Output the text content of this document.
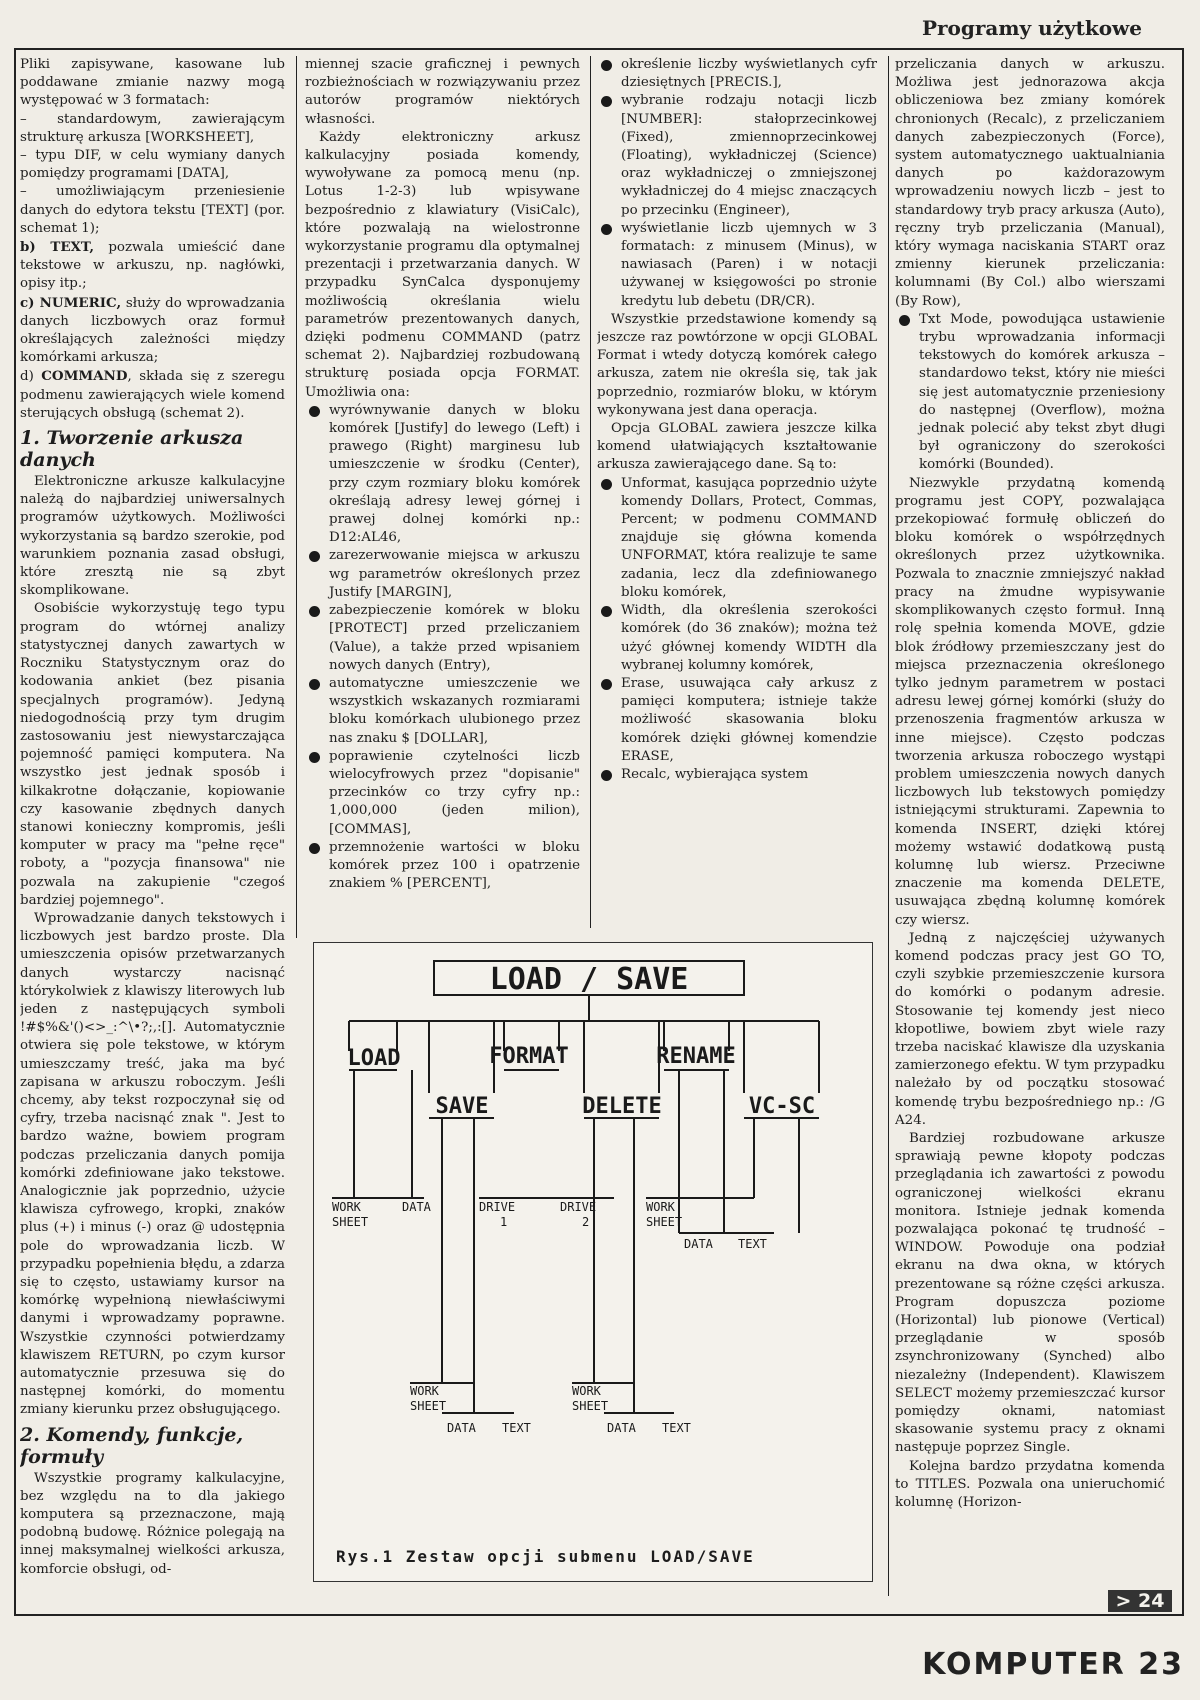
Programy użytkowe

Pliki zapisywane, kasowane lub poddawane zmianie nazwy mogą występować w 3 formatach:

– standardowym, zawierającym strukturę arkusza [WORKSHEET],

– typu DIF, w celu wymiany danych pomiędzy programami [DATA],

– umożliwiającym przeniesienie danych do edytora tekstu [TEXT] (por. schemat 1);

b) TEXT, pozwala umieścić dane tekstowe w arkuszu, np. nagłówki, opisy itp.;

c) NUMERIC, służy do wprowadzania danych liczbowych oraz formuł określających zależności między komórkami arkusza;

d) COMMAND, składa się z szeregu podmenu zawierających wiele komend sterujących obsługą (schemat 2).

1. Tworzenie arkusza danych

Elektroniczne arkusze kalkulacyjne należą do najbardziej uniwersalnych programów użytkowych. Możliwości wykorzystania są bardzo szerokie, pod warunkiem poznania zasad obsługi, które zresztą nie są zbyt skomplikowane.

Osobiście wykorzystuję tego typu program do wtórnej analizy statystycznej danych zawartych w Roczniku Statystycznym oraz do kodowania ankiet (bez pisania specjalnych programów). Jedyną niedogodnością przy tym drugim zastosowaniu jest niewystarczająca pojemność pamięci komputera. Na wszystko jest jednak sposób i kilkakrotne dołączanie, kopiowanie czy kasowanie zbędnych danych stanowi konieczny kompromis, jeśli komputer w pracy ma "pełne ręce" roboty, a "pozycja finansowa" nie pozwala na zakupienie "czegoś bardziej pojemnego".

Wprowadzanie danych tekstowych i liczbowych jest bardzo proste. Dla umieszczenia opisów przetwarzanych danych wystarczy nacisnąć którykolwiek z klawiszy literowych lub jeden z następujących symboli !#$%&'()<>_:^\•?;,:[]. Automatycznie otwiera się pole tekstowe, w którym umieszczamy treść, jaka ma być zapisana w arkuszu roboczym. Jeśli chcemy, aby tekst rozpoczynał się od cyfry, trzeba nacisnąć znak ". Jest to bardzo ważne, bowiem program podczas przeliczania danych pomija komórki zdefiniowane jako tekstowe. Analogicznie jak poprzednio, użycie klawisza cyfrowego, kropki, znaków plus (+) i minus (-) oraz @ udostępnia pole do wprowadzania liczb. W przypadku popełnienia błędu, a zdarza się to często, ustawiamy kursor na komórkę wypełnioną niewłaściwymi danymi i wprowadzamy poprawne. Wszystkie czynności potwierdzamy klawiszem RETURN, po czym kursor automatycznie przesuwa się do następnej komórki, do momentu zmiany kierunku przez obsługującego.

2. Komendy, funkcje, formuły

Wszystkie programy kalkulacyjne, bez względu na to dla jakiego komputera są przeznaczone, mają podobną budowę. Różnice polegają na innej maksymalnej wielkości arkusza, komforcie obsługi, od-

miennej szacie graficznej i pewnych rozbieżnościach w rozwiązywaniu przez autorów programów niektórych własności.

Każdy elektroniczny arkusz kalkulacyjny posiada komendy, wywoływane za pomocą menu (np. Lotus 1-2-3) lub wpisywane bezpośrednio z klawiatury (VisiCalc), które pozwalają na wielostronne wykorzystanie programu dla optymalnej prezentacji i przetwarzania danych. W przypadku SynCalca dysponujemy możliwością określania wielu parametrów prezentowanych danych, dzięki podmenu COMMAND (patrz schemat 2). Najbardziej rozbudowaną strukturę posiada opcja FORMAT. Umożliwia ona:

wyrównywanie danych w bloku komórek [Justify] do lewego (Left) i prawego (Right) marginesu lub umieszczenie w środku (Center), przy czym rozmiary bloku komórek określają adresy lewej górnej i prawej dolnej komórki np.: D12:AL46,
zarezerwowanie miejsca w arkuszu wg parametrów określonych przez Justify [MARGIN],
zabezpieczenie komórek w bloku [PROTECT] przed przeliczaniem (Value), a także przed wpisaniem nowych danych (Entry),
automatyczne umieszczenie we wszystkich wskazanych rozmiarami bloku komórkach ulubionego przez nas znaku $ [DOLLAR],
poprawienie czytelności liczb wielocyfrowych przez "dopisanie" przecinków co trzy cyfry np.: 1,000,000 (jeden milion), [COMMAS],
przemnożenie wartości w bloku komórek przez 100 i opatrzenie znakiem % [PERCENT],
określenie liczby wyświetlanych cyfr dziesiętnych [PRECIS.],
wybranie rodzaju notacji liczb [NUMBER]: stałoprzecinkowej (Fixed), zmiennoprzecinkowej (Floating), wykładniczej (Science) oraz wykładniczej o zmniejszonej wykładniczej do 4 miejsc znaczących po przecinku (Engineer),
wyświetlanie liczb ujemnych w 3 formatach: z minusem (Minus), w nawiasach (Paren) i w notacji używanej w księgowości po stronie kredytu lub debetu (DR/CR).

Wszystkie przedstawione komendy są jeszcze raz powtórzone w opcji GLOBAL Format i wtedy dotyczą komórek całego arkusza, zatem nie określa się, tak jak poprzednio, rozmiarów bloku, w którym wykonywana jest dana operacja.

Opcja GLOBAL zawiera jeszcze kilka komend ułatwiających kształtowanie arkusza zawierającego dane. Są to:

Unformat, kasująca poprzednio użyte komendy Dollars, Protect, Commas, Percent; w podmenu COMMAND znajduje się główna komenda UNFORMAT, która realizuje te same zadania, lecz dla zdefiniowanego bloku komórek,
Width, dla określenia szerokości komórek (do 36 znaków); można też użyć głównej komendy WIDTH dla wybranej kolumny komórek,
Erase, usuwająca cały arkusz z pamięci komputera; istnieje także możliwość skasowania bloku komórek dzięki głównej komendzie ERASE,
Recalc, wybierająca system

przeliczania danych w arkuszu. Możliwa jest jednorazowa akcja obliczeniowa bez zmiany komórek chronionych (Recalc), z przeliczaniem danych zabezpieczonych (Force), system automatycznego uaktualniania danych po każdorazowym wprowadzeniu nowych liczb – jest to standardowy tryb pracy arkusza (Auto), ręczny tryb przeliczania (Manual), który wymaga naciskania START oraz zmienny kierunek przeliczania: kolumnami (By Col.) albo wierszami (By Row),

Txt Mode, powodująca ustawienie trybu wprowadzania informacji tekstowych do komórek arkusza – standardowo tekst, który nie mieści się jest automatycznie przeniesiony do następnej (Overflow), można jednak polecić aby tekst zbyt długi był ograniczony do szerokości komórki (Bounded).

Niezwykle przydatną komendą programu jest COPY, pozwalająca przekopiować formułę obliczeń do bloku komórek o współrzędnych określonych przez użytkownika. Pozwala to znacznie zmniejszyć nakład pracy na żmudne wypisywanie skomplikowanych często formuł. Inną rolę spełnia komenda MOVE, gdzie blok źródłowy przemieszczany jest do miejsca przeznaczenia określonego tylko jednym parametrem w postaci adresu lewej górnej komórki (służy do przenoszenia fragmentów arkusza w inne miejsce). Często podczas tworzenia arkusza roboczego wystąpi problem umieszczenia nowych danych liczbowych lub tekstowych pomiędzy istniejącymi strukturami. Zapewnia to komenda INSERT, dzięki której możemy wstawić dodatkową pustą kolumnę lub wiersz. Przeciwne znaczenie ma komenda DELETE, usuwająca zbędną kolumnę komórek czy wiersz.

Jedną z najczęściej używanych komend podczas pracy jest GO TO, czyli szybkie przemieszczenie kursora do komórki o podanym adresie. Stosowanie tej komendy jest nieco kłopotliwe, bowiem zbyt wiele razy trzeba naciskać klawisze dla uzyskania zamierzonego efektu. W tym przypadku należało by od początku stosować komendę trybu bezpośredniego np.: /G A24.

Bardziej rozbudowane arkusze sprawiają pewne kłopoty podczas przeglądania ich zawartości z powodu ograniczonej wielkości ekranu monitora. Istnieje jednak komenda pozwalająca pokonać tę trudność – WINDOW. Powoduje ona podział ekranu na dwa okna, w których prezentowane są różne części arkusza. Program dopuszcza poziome (Horizontal) lub pionowe (Vertical) przeglądanie w sposób zsynchronizowany (Synched) albo niezależny (Independent). Klawiszem SELECT możemy przemieszczać kursor pomiędzy oknami, natomiast skasowanie systemu pracy z oknami następuje poprzez Single.

Kolejna bardzo przydatna komenda to TITLES. Pozwala ona unieruchomić kolumnę (Horizon-

LOAD / SAVE
LOAD	FORMAT	RENAME
SAVE	DELETE	VC-SC
WORK
SHEET
DATA	DRIVE
1
DRIVE
2
WORK
SHEET
DATA TEXT
WORK
SHEET
DATA TEXT
WORK
SHEET
DATA TEXT
Rys.1 Zestaw opcji submenu LOAD/SAVE
> 24
KOMPUTER 23
